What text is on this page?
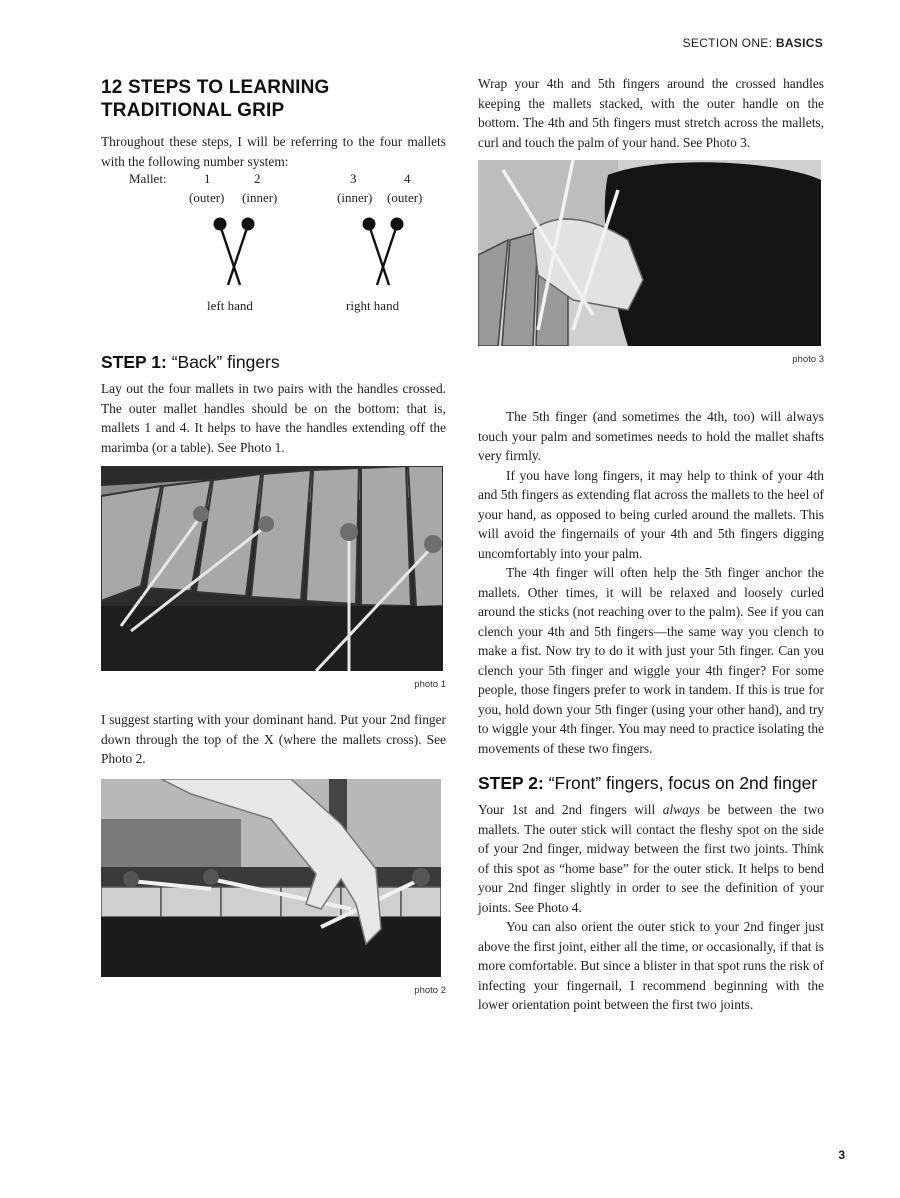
SECTION ONE: BASICS
12 STEPS TO LEARNING
TRADITIONAL GRIP

Throughout these steps, I will be referring to the four mallets with the following number system:

Mallet:	1	2	3	4
(outer) (inner)	(inner) (outer)
left hand	right hand
STEP 1: “Back” fingers

Lay out the four mallets in two pairs with the handles crossed. The outer mallet handles should be on the bottom: that is, mallets 1 and 4. It helps to have the handles extending off the marimba (or a table). See Photo 1.

photo 1

I suggest starting with your dominant hand. Put your 2nd finger down through the top of the X (where the mallets cross). See Photo 2.

photo 2

Wrap your 4th and 5th fingers around the crossed handles keeping the mallets stacked, with the outer handle on the bottom. The 4th and 5th fingers must stretch across the mallets, curl and touch the palm of your hand. See Photo 3.

photo 3

The 5th finger (and sometimes the 4th, too) will always touch your palm and sometimes needs to hold the mallet shafts very firmly.

If you have long fingers, it may help to think of your 4th and 5th fingers as extending flat across the mallets to the heel of your hand, as opposed to being curled around the mallets. This will avoid the fingernails of your 4th and 5th fingers digging uncomfortably into your palm.

The 4th finger will often help the 5th finger anchor the mallets. Other times, it will be relaxed and loosely curled around the sticks (not reaching over to the palm). See if you can clench your 4th and 5th fingers—the same way you clench to make a fist. Now try to do it with just your 5th finger. Can you clench your 5th finger and wiggle your 4th finger? For some people, those fingers prefer to work in tandem. If this is true for you, hold down your 5th finger (using your other hand), and try to wiggle your 4th finger. You may need to practice isolating the movements of these two fingers.

STEP 2: “Front” fingers, focus on 2nd finger

Your 1st and 2nd fingers will always be between the two mallets. The outer stick will contact the fleshy spot on the side of your 2nd finger, midway between the first two joints. Think of this spot as “home base” for the outer stick. It helps to bend your 2nd finger slightly in order to see the definition of your joints. See Photo 4.

You can also orient the outer stick to your 2nd finger just above the first joint, either all the time, or occasionally, if that is more comfortable. But since a blister in that spot runs the risk of infecting your fingernail, I recommend beginning with the lower orientation point between the first two joints.

3
